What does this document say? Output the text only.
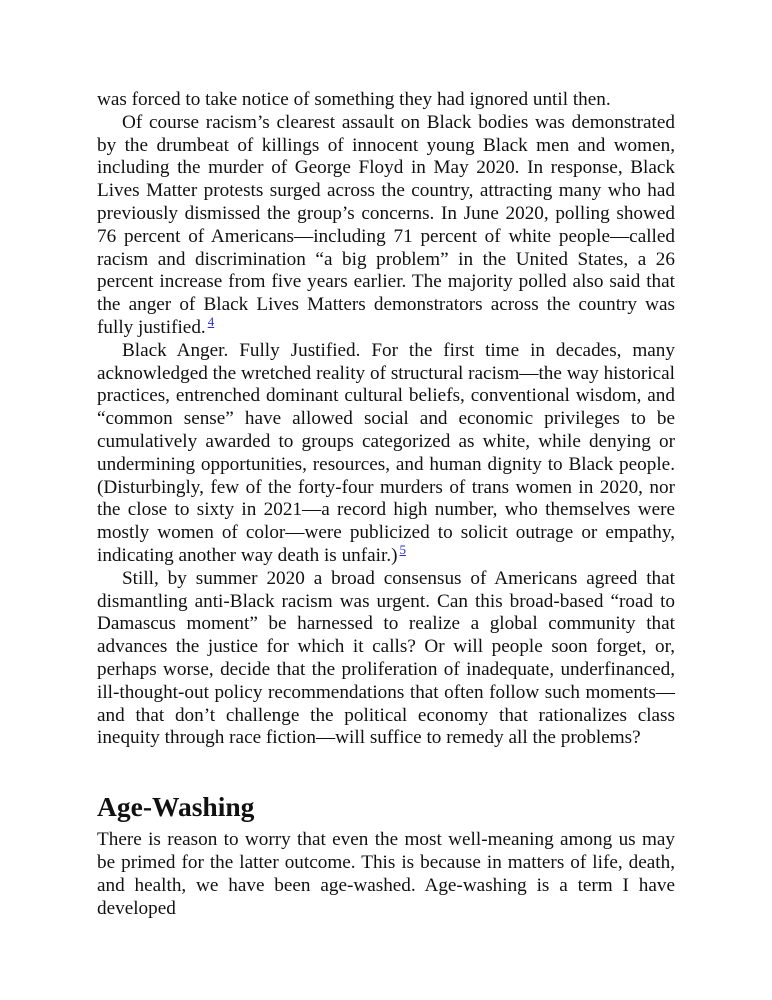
was forced to take notice of something they had ignored until then.

Of course racism’s clearest assault on Black bodies was demonstrated by the drumbeat of killings of innocent young Black men and women, including the murder of George Floyd in May 2020. In response, Black Lives Matter protests surged across the country, attracting many who had previously dismissed the group’s concerns. In June 2020, polling showed 76 percent of Americans—including 71 percent of white people—called racism and discrimination “a big problem” in the United States, a 26 percent increase from five years earlier. The majority polled also said that the anger of Black Lives Matters demonstrators across the country was fully justified. $^4$

Black Anger. Fully Justified. For the first time in decades, many acknowledged the wretched reality of structural racism—the way historical practices, entrenched dominant cultural beliefs, conventional wisdom, and “common sense” have allowed social and economic privileges to be cumulatively awarded to groups categorized as white, while denying or undermining opportunities, resources, and human dignity to Black people. (Disturbingly, few of the forty-four murders of trans women in 2020, nor the close to sixty in 2021—a record high number, who themselves were mostly women of color—were publicized to solicit outrage or empathy, indicating another way death is unfair.) $^5$

Still, by summer 2020 a broad consensus of Americans agreed that dismantling anti-Black racism was urgent. Can this broad-based “road to Damascus moment” be harnessed to realize a global community that advances the justice for which it calls? Or will people soon forget, or, perhaps worse, decide that the proliferation of inadequate, underfinanced, ill-thought-out policy recommendations that often follow such moments—and that don’t challenge the political economy that rationalizes class inequity through race fiction—will suffice to remedy all the problems?

Age-Washing

There is reason to worry that even the most well-meaning among us may be primed for the latter outcome. This is because in matters of life, death, and health, we have been age-washed. Age-washing is a term I have developed
